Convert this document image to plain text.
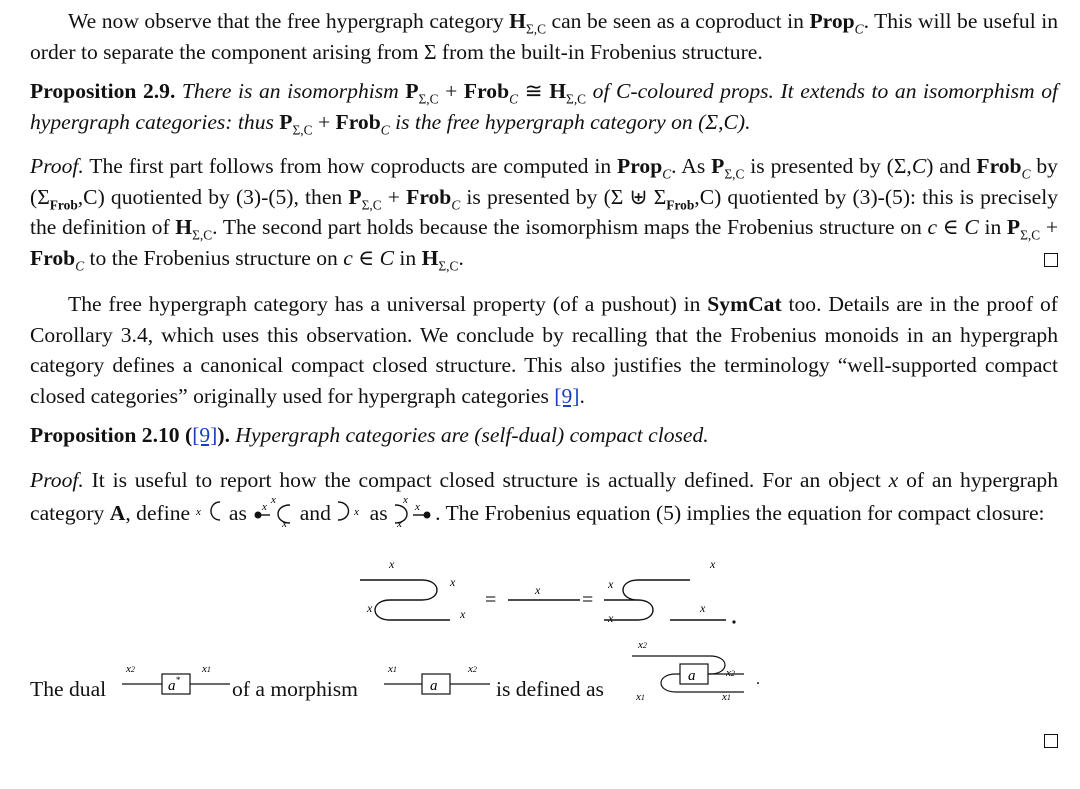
We now observe that the free hypergraph category $H_{\Sigma,C}$ can be seen as a coproduct in Prop$_C$. This will be useful in order to separate the component arising from Σ from the built-in Frobenius structure.

Proposition 2.9. There is an isomorphism $P_{\Sigma,C}$ + Frob$_C$ ≅ $H_{\Sigma,C}$ of C-coloured props. It extends to an isomorphism of hypergraph categories: thus $P_{\Sigma,C}$ + Frob$_C$ is the free hypergraph category on (Σ,C).

Proof. The first part follows from how coproducts are computed in Prop$_C$. As $P_{\Sigma,C}$ is presented by (Σ,C) and Frob$_C$ by $(\Sigma_{Frob},C)$ quotiented by (3)-(5), then $P_{\Sigma,C}$ + Frob$_C$ is presented by (Σ ⊎ $\Sigma_{Frob},C$) quotiented by (3)-(5): this is precisely the definition of $H_{\Sigma,C}$. The second part holds because the isomorphism maps the Frobenius structure on c ∈ C in $P_{\Sigma,C}$ + Frob$_C$ to the Frobenius structure on c ∈ C in $H_{\Sigma,C}$.

The free hypergraph category has a universal property (of a pushout) in SymCat too. Details are in the proof of Corollary 3.4, which uses this observation. We conclude by recalling that the Frobenius monoids in an hypergraph category defines a canonical compact closed structure. This also justifies the terminology “well-supported compact closed categories” originally used for hypergraph categories [9].

Proposition 2.10 ([9]). Hypergraph categories are (self-dual) compact closed.

Proof. It is useful to report how the compact closed structure is actually defined. For an object x of an hypergraph category A, define x as
x
x
x and x as
x
x
x . The Frobenius equation (5) implies the equation for compact closure:

x
x
x
x
=	x =
x
x
x
x
The dual
x2	x1
a* of a morphism
x1	x2
a	is defined as
x2
x1
x2
x1
a	.
